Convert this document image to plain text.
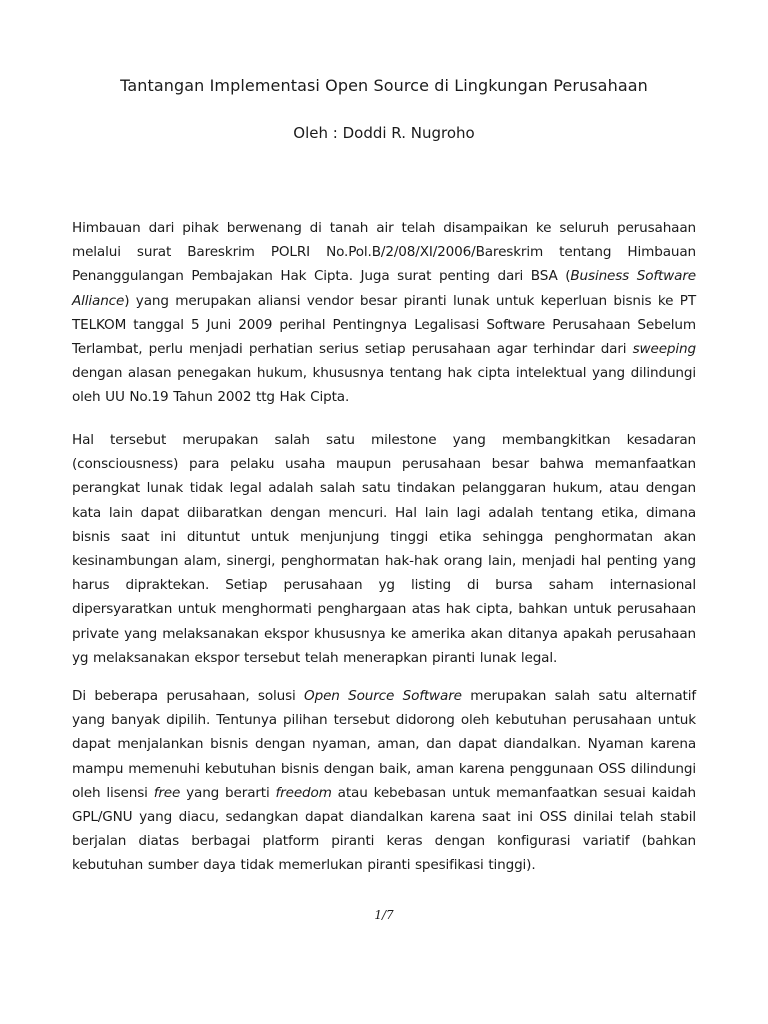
Tantangan Implementasi Open Source di Lingkungan Perusahaan

Oleh : Doddi R. Nugroho

Himbauan dari pihak berwenang di tanah air telah disampaikan ke seluruh perusahaan melalui surat Bareskrim POLRI No.Pol.B/2/08/XI/2006/Bareskrim tentang Himbauan Penanggulangan Pembajakan Hak Cipta. Juga surat penting dari BSA (Business Software Alliance) yang merupakan aliansi vendor besar piranti lunak untuk keperluan bisnis ke PT TELKOM tanggal 5 Juni 2009 perihal Pentingnya Legalisasi Software Perusahaan Sebelum Terlambat, perlu menjadi perhatian serius setiap perusahaan agar terhindar dari sweeping dengan alasan penegakan hukum, khususnya tentang hak cipta intelektual yang dilindungi oleh UU No.19 Tahun 2002 ttg Hak Cipta.

Hal tersebut merupakan salah satu milestone yang membangkitkan kesadaran (consciousness) para pelaku usaha maupun perusahaan besar bahwa memanfaatkan perangkat lunak tidak legal adalah salah satu tindakan pelanggaran hukum, atau dengan kata lain dapat diibaratkan dengan mencuri. Hal lain lagi adalah tentang etika, dimana bisnis saat ini dituntut untuk menjunjung tinggi etika sehingga penghormatan akan kesinambungan alam, sinergi, penghormatan hak-hak orang lain, menjadi hal penting yang harus dipraktekan. Setiap perusahaan yg listing di bursa saham internasional dipersyaratkan untuk menghormati penghargaan atas hak cipta, bahkan untuk perusahaan private yang melaksanakan ekspor khususnya ke amerika akan ditanya apakah perusahaan yg melaksanakan ekspor tersebut telah menerapkan piranti lunak legal.

Di beberapa perusahaan, solusi Open Source Software merupakan salah satu alternatif yang banyak dipilih. Tentunya pilihan tersebut didorong oleh kebutuhan perusahaan untuk dapat menjalankan bisnis dengan nyaman, aman, dan dapat diandalkan. Nyaman karena mampu memenuhi kebutuhan bisnis dengan baik, aman karena penggunaan OSS dilindungi oleh lisensi free yang berarti freedom atau kebebasan untuk memanfaatkan sesuai kaidah GPL/GNU yang diacu, sedangkan dapat diandalkan karena saat ini OSS dinilai telah stabil berjalan diatas berbagai platform piranti keras dengan konfigurasi variatif (bahkan kebutuhan sumber daya tidak memerlukan piranti spesifikasi tinggi).

1/7
